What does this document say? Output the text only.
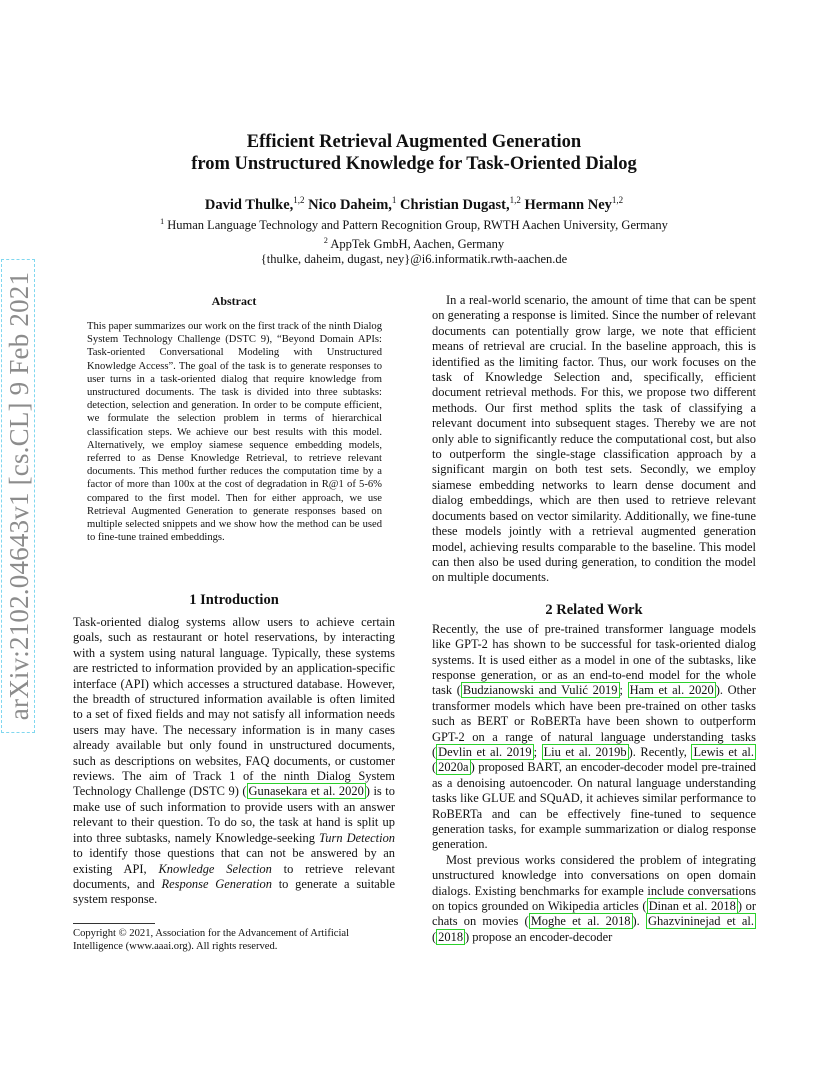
arXiv:2102.04643v1 [cs.CL] 9 Feb 2021
Efficient Retrieval Augmented Generation
from Unstructured Knowledge for Task-Oriented Dialog
David Thulke,$^{1,2}$ Nico Daheim,$^1$ Christian Dugast,$^{1,2}$ Hermann Ney$^{1,2}$
$^1$ Human Language Technology and Pattern Recognition Group, RWTH Aachen University, Germany
$^2$ AppTek GmbH, Aachen, Germany
{thulke, daheim, dugast, ney}@i6.informatik.rwth-aachen.de
Abstract
This paper summarizes our work on the first track of the ninth Dialog System Technology Challenge (DSTC 9), “Beyond Domain APIs: Task-oriented Conversational Modeling with Unstructured Knowledge Access”. The goal of the task is to generate responses to user turns in a task-oriented dialog that require knowledge from unstructured documents. The task is divided into three subtasks: detection, selection and generation. In order to be compute efficient, we formulate the selection problem in terms of hierarchical classification steps. We achieve our best results with this model. Alternatively, we employ siamese sequence embedding models, referred to as Dense Knowledge Retrieval, to retrieve relevant documents. This method further reduces the computation time by a factor of more than 100x at the cost of degradation in R@1 of 5-6% compared to the first model. Then for either approach, we use Retrieval Augmented Generation to generate responses based on multiple selected snippets and we show how the method can be used to fine-tune trained embeddings.
1 Introduction

Task-oriented dialog systems allow users to achieve certain goals, such as restaurant or hotel reservations, by interacting with a system using natural language. Typically, these systems are restricted to information provided by an application-specific interface (API) which accesses a structured database. However, the breadth of structured information available is often limited to a set of fixed fields and may not satisfy all information needs users may have. The necessary information is in many cases already available but only found in unstructured documents, such as descriptions on websites, FAQ documents, or customer reviews. The aim of Track 1 of the ninth Dialog System Technology Challenge (DSTC 9) ( Gunasekara et al. 2020 ) is to make use of such information to provide users with an answer relevant to their question. To do so, the task at hand is split up into three subtasks, namely Knowledge-seeking Turn Detection to identify those questions that can not be answered by an existing API, Knowledge Selection to retrieve relevant documents, and Response Generation to generate a suitable system response.

Copyright © 2021, Association for the Advancement of Artificial
Intelligence (www.aaai.org). All rights reserved.

In a real-world scenario, the amount of time that can be spent on generating a response is limited. Since the number of relevant documents can potentially grow large, we note that efficient means of retrieval are crucial. In the baseline approach, this is identified as the limiting factor. Thus, our work focuses on the task of Knowledge Selection and, specifically, efficient document retrieval methods. For this, we propose two different methods. Our first method splits the task of classifying a relevant document into subsequent stages. Thereby we are not only able to significantly reduce the computational cost, but also to outperform the single-stage classification approach by a significant margin on both test sets. Secondly, we employ siamese embedding networks to learn dense document and dialog embeddings, which are then used to retrieve relevant documents based on vector similarity. Additionally, we fine-tune these models jointly with a retrieval augmented generation model, achieving results comparable to the baseline. This model can then also be used during generation, to condition the model on multiple documents.

2 Related Work

Recently, the use of pre-trained transformer language models like GPT-2 has shown to be successful for task-oriented dialog systems. It is used either as a model in one of the subtasks, like response generation, or as an end-to-end model for the whole task ( Budzianowski and Vulić 2019 ; Ham et al. 2020 ). Other transformer models which have been pre-trained on other tasks such as BERT or RoBERTa have been shown to outperform GPT-2 on a range of natural language understanding tasks ( Devlin et al. 2019 ; Liu et al. 2019b ). Recently, Lewis et al. ( 2020a ) proposed BART, an encoder-decoder model pre-trained as a denoising autoencoder. On natural language understanding tasks like GLUE and SQuAD, it achieves similar performance to RoBERTa and can be effectively fine-tuned to sequence generation tasks, for example summarization or dialog response generation.

Most previous works considered the problem of integrating unstructured knowledge into conversations on open domain dialogs. Existing benchmarks for example include conversations on topics grounded on Wikipedia articles ( Dinan et al. 2018 ) or chats on movies ( Moghe et al. 2018 ). Ghazvininejad et al. ( 2018 ) propose an encoder-decoder
